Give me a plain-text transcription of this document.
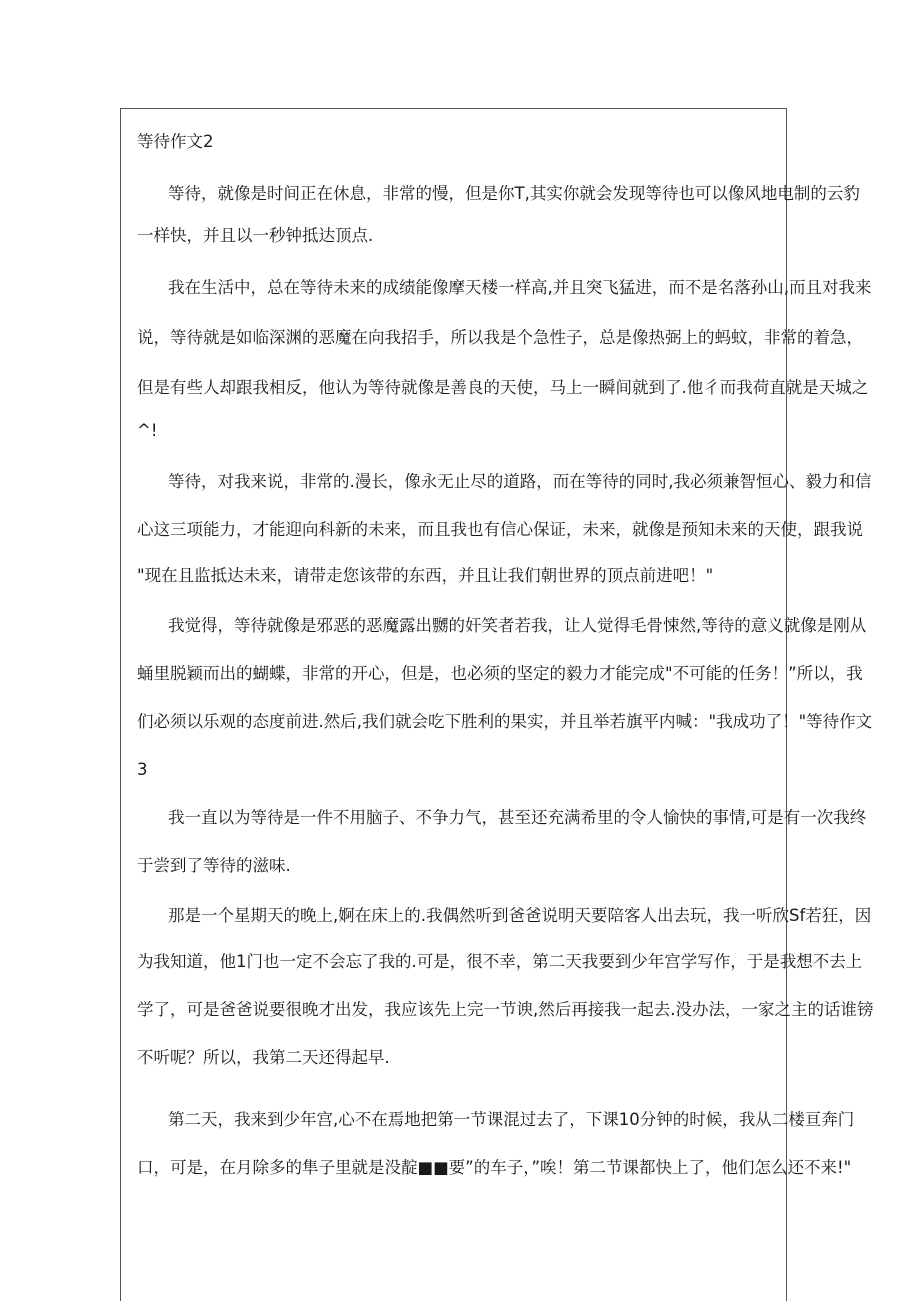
等待作文2
等待，就像是时间正在休息，非常的慢，但是你T,其实你就会发现等待也可以像风地电制的云豹
一样快，并且以一秒钟抵达顶点.
我在生活中，总在等待未来的成绩能像摩天楼一样高,并且突飞猛进，而不是名落孙山,而且对我来
说，等待就是如临深渊的恶魔在向我招手，所以我是个急性子，总是像热弼上的蚂蚊，非常的着急，
但是有些人却跟我相反，他认为等待就像是善良的天使，马上一瞬间就到了.他彳而我荷直就是天城之
^!
等待，对我来说，非常的.漫长，像永无止尽的道路，而在等待的同时,我必须兼智恒心、毅力和信
心这三项能力，才能迎向科新的未来，而且我也有信心保证，未来，就像是预知未来的天使，跟我说
"现在且监抵达未来，请带走您该带的东西，并且让我们朝世界的顶点前进吧！"
我觉得，等待就像是邪恶的恶魔露出嬲的奸笑者若我，让人觉得毛骨悚然,等待的意义就像是刚从
蛹里脱颖而出的蝴蝶，非常的开心，但是，也必须的坚定的毅力才能完成"不可能的任务！”所以，我
们必须以乐观的态度前进.然后,我们就会吃下胜利的果实，并且举若旗平内喊："我成功了！"等待作文
3
我一直以为等待是一件不用脑子、不争力气，甚至还充满希里的令人愉快的事情,可是有一次我终
于尝到了等待的滋味.
那是一个星期天的晚上,婀在床上的.我偶然听到爸爸说明天要陪客人出去玩，我一听欣Sf若狂，因
为我知道，他1门也一定不会忘了我的.可是，很不幸，第二天我要到少年宫学写作，于是我想不去上
学了，可是爸爸说要很晚才出发，我应该先上完一节谀,然后再接我一起去.没办法，一家之主的话谁镑
不听呢？所以，我第二天还得起早.
第二天，我来到少年宫,心不在焉地把第一节课混过去了，下课10分钟的时候，我从二楼亘奔门
口，可是，在月除多的隼子里就是没靛■■要”的车子，”唉！第二节课都快上了，他们怎么还不来!"
